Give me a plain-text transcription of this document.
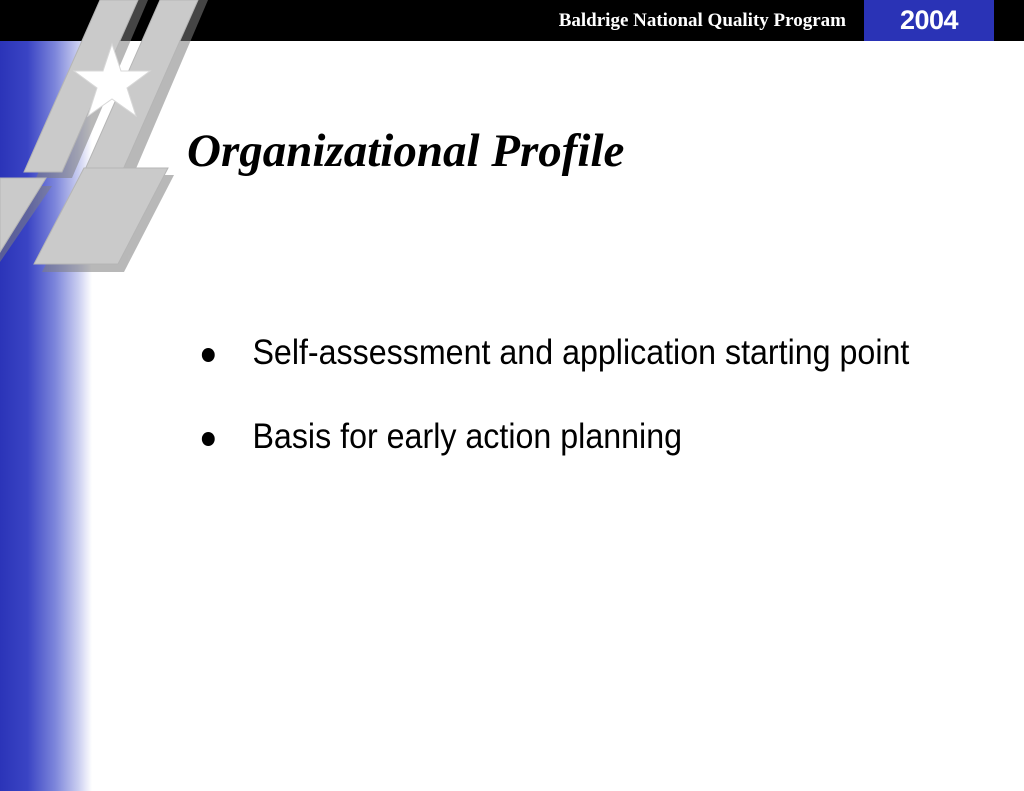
Baldrige National Quality Program	2004
Organizational Profile
Self-assessment and application starting point
Basis for early action planning
